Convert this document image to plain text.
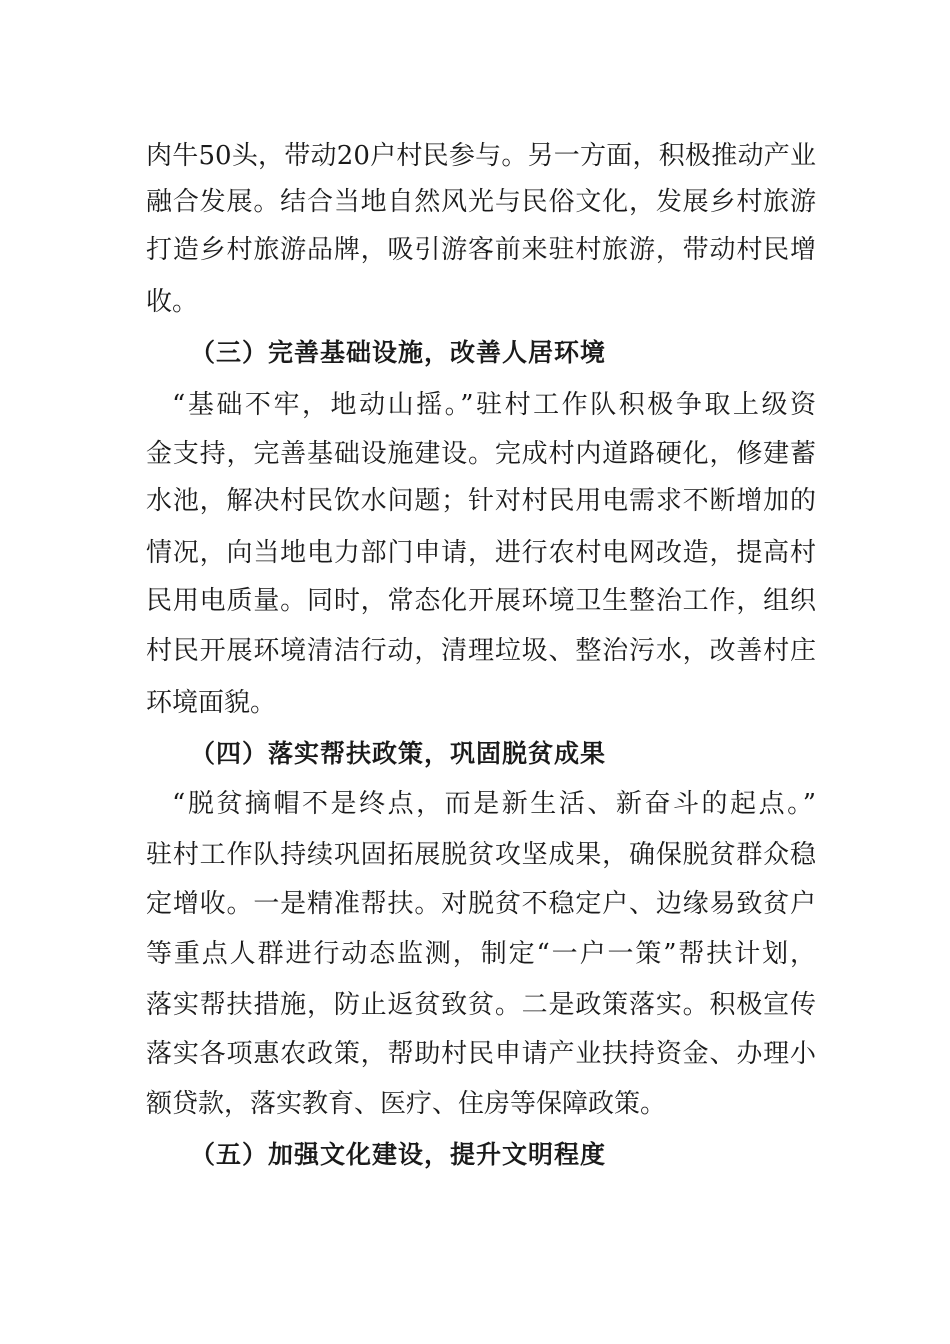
肉牛50头，带动20户村民参与。另一方面，积极推动产业
融合发展。结合当地自然风光与民俗文化，发展乡村旅游
打造乡村旅游品牌，吸引游客前来驻村旅游，带动村民增
收。
（三）完善基础设施，改善人居环境
“基础不牢，地动山摇。”驻村工作队积极争取上级资
金支持，完善基础设施建设。完成村内道路硬化，修建蓄
水池，解决村民饮水问题；针对村民用电需求不断增加的
情况，向当地电力部门申请，进行农村电网改造，提高村
民用电质量。同时，常态化开展环境卫生整治工作，组织
村民开展环境清洁行动，清理垃圾、整治污水，改善村庄
环境面貌。
（四）落实帮扶政策，巩固脱贫成果
“脱贫摘帽不是终点，而是新生活、新奋斗的起点。”
驻村工作队持续巩固拓展脱贫攻坚成果，确保脱贫群众稳
定增收。一是精准帮扶。对脱贫不稳定户、边缘易致贫户
等重点人群进行动态监测，制定“一户一策”帮扶计划，
落实帮扶措施，防止返贫致贫。二是政策落实。积极宣传
落实各项惠农政策，帮助村民申请产业扶持资金、办理小
额贷款，落实教育、医疗、住房等保障政策。
（五）加强文化建设，提升文明程度
